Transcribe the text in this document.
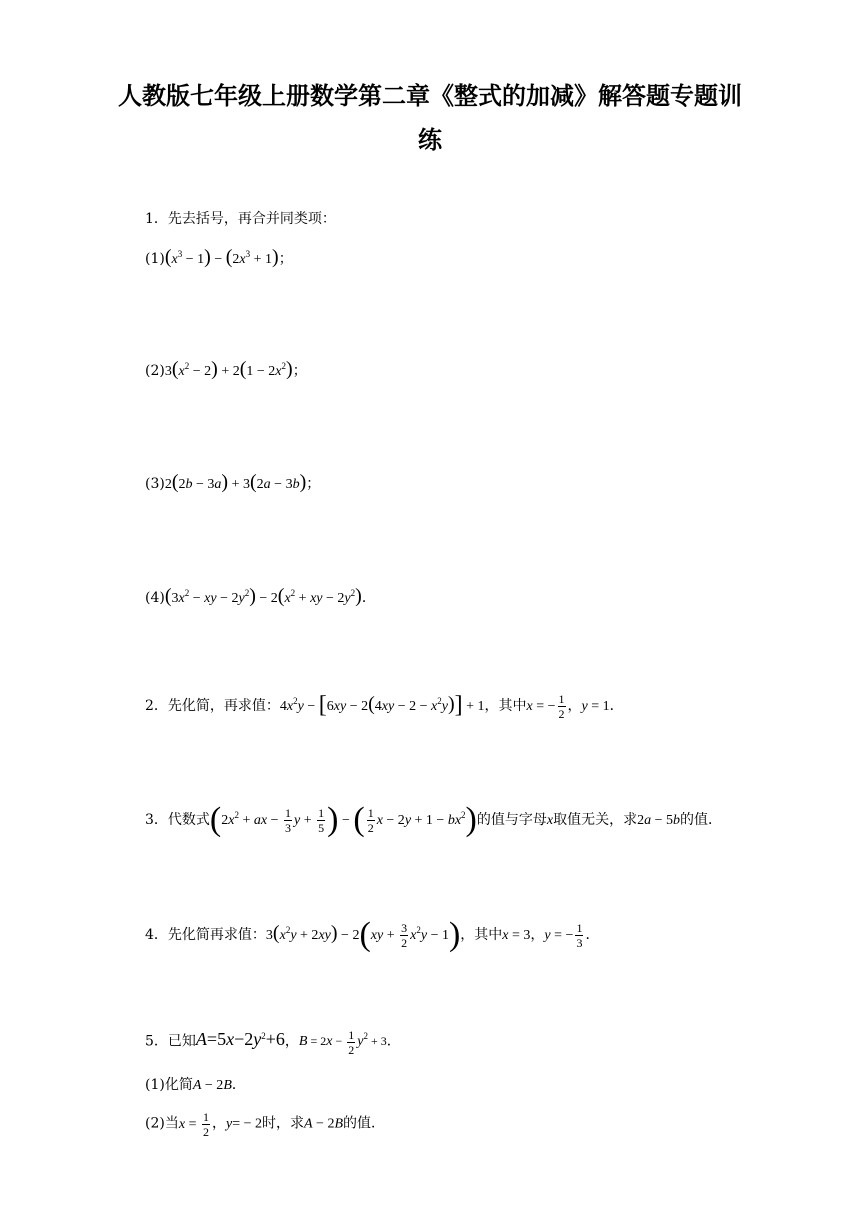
人教版七年级上册数学第二章《整式的加减》解答题专题训
练
1．先去括号，再合并同类项：
$(1)(x^3 - 1) - (2x^3 + 1)$；
$(2)3(x^2 - 2) + 2(1 - 2x^2)$；
(3)2(2b − 3a) + 3(2a − 3b)；
$(4)(3x^2$ − xy − $2y^2) - 2(x^2$ + xy − $2y^2$)．
2．先化简，再求值：$4x^2y - [6xy - 2(4xy - 2 - x^2y)] + 1$，其中x = − $\frac{1}{2}$ ，y = 1．
3．代数式($2x^2$ + ax − $\frac{1}{3}$ $y + \frac{1}{5}$ ) − ( $\frac{1}{2}$ $x - 2y + 1 - bx^2$)的值与字母x取值无关，求2a − 5b的值．
4．先化简再求值：$3(x^2y + 2xy) - 2(xy + \frac{3}{2} x^2y - 1)$，其中x = 3，y = − $\frac{1}{3}$ ．
5．已知$A=5x-2y^2+6$，$B = 2x - \frac{1}{2} y^2 + 3$．
(1)化简A − 2B．
(2)当$x = \frac{1}{2}$ ，y= − 2时，求A − 2B的值．
